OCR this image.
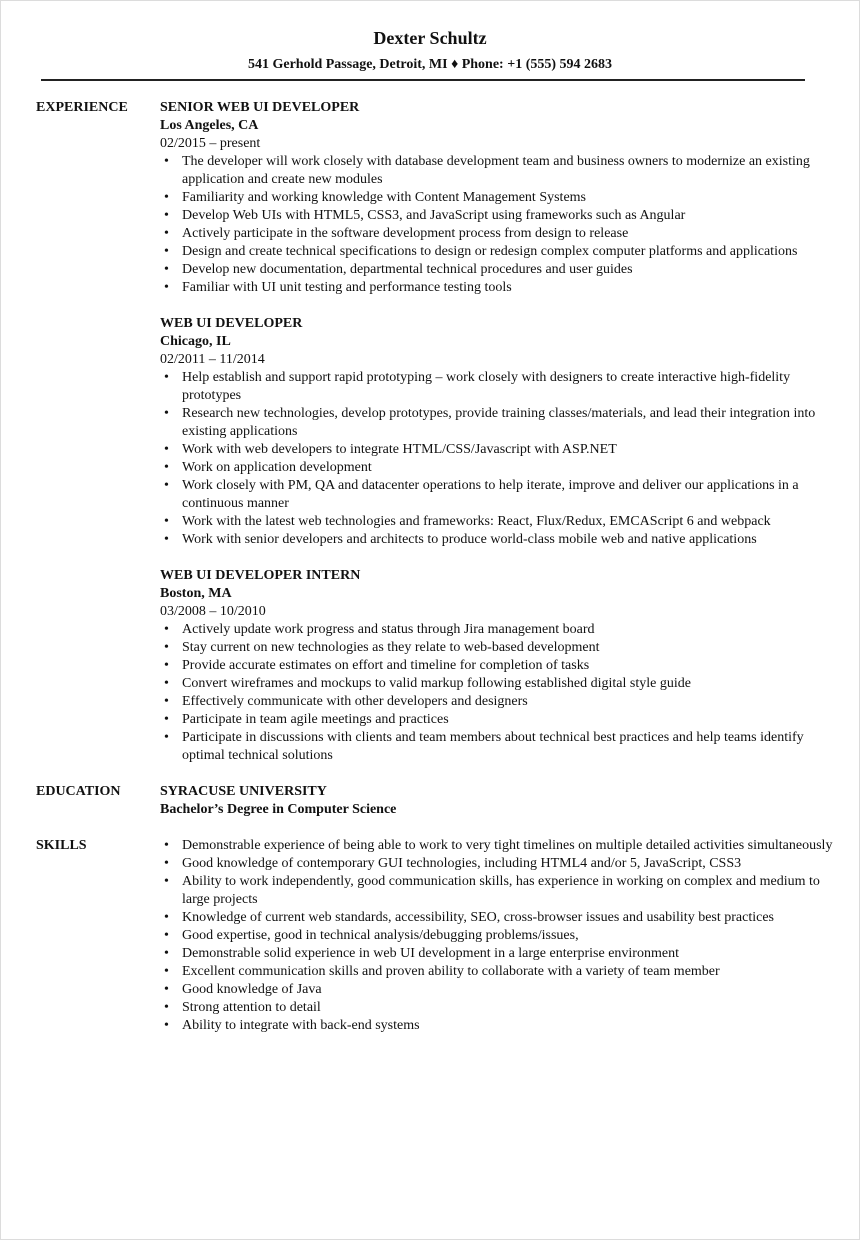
Dexter Schultz
541 Gerhold Passage, Detroit, MI ♦ Phone: +1 (555) 594 2683
EXPERIENCE	SENIOR WEB UI DEVELOPER
Los Angeles, CA
02/2015 – present
• The developer will work closely with database development team and business owners to modernize an existing application and create new modules
• Familiarity and working knowledge with Content Management Systems
• Develop Web UIs with HTML5, CSS3, and JavaScript using frameworks such as Angular
• Actively participate in the software development process from design to release
• Design and create technical specifications to design or redesign complex computer platforms and applications
• Develop new documentation, departmental technical procedures and user guides
• Familiar with UI unit testing and performance testing tools
WEB UI DEVELOPER
Chicago, IL
02/2011 – 11/2014
• Help establish and support rapid prototyping – work closely with designers to create interactive high-fidelity prototypes
• Research new technologies, develop prototypes, provide training classes/materials, and lead their integration into existing applications
• Work with web developers to integrate HTML/CSS/Javascript with ASP.NET
• Work on application development
• Work closely with PM, QA and datacenter operations to help iterate, improve and deliver our applications in a continuous manner
• Work with the latest web technologies and frameworks: React, Flux/Redux, EMCAScript 6 and webpack
• Work with senior developers and architects to produce world-class mobile web and native applications
WEB UI DEVELOPER INTERN
Boston, MA
03/2008 – 10/2010
• Actively update work progress and status through Jira management board
• Stay current on new technologies as they relate to web-based development
• Provide accurate estimates on effort and timeline for completion of tasks
• Convert wireframes and mockups to valid markup following established digital style guide
• Effectively communicate with other developers and designers
• Participate in team agile meetings and practices
• Participate in discussions with clients and team members about technical best practices and help teams identify optimal technical solutions
EDUCATION	SYRACUSE UNIVERSITY
Bachelor’s Degree in Computer Science
SKILLS
•	Demonstrable experience of being able to work to very tight timelines on multiple detailed activities simultaneously
• Good knowledge of contemporary GUI technologies, including HTML4 and/or 5, JavaScript, CSS3
• Ability to work independently, good communication skills, has experience in working on complex and medium to large projects
• Knowledge of current web standards, accessibility, SEO, cross-browser issues and usability best practices
• Good expertise, good in technical analysis/debugging problems/issues,
• Demonstrable solid experience in web UI development in a large enterprise environment
• Excellent communication skills and proven ability to collaborate with a variety of team member
• Good knowledge of Java
• Strong attention to detail
• Ability to integrate with back-end systems
